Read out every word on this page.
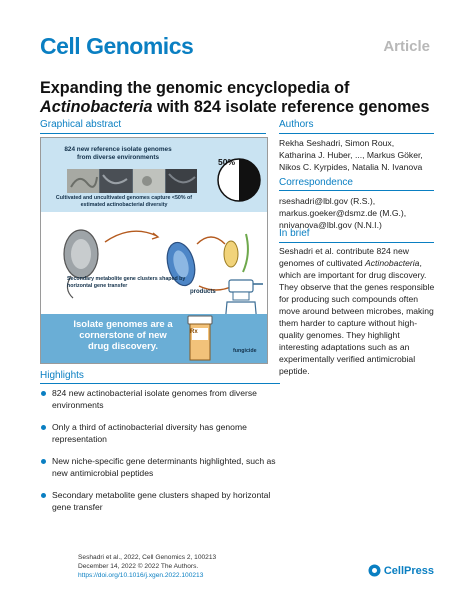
Cell Genomics	Article
Expanding the genomic encyclopedia of
Actinobacteria with 824 isolate reference genomes
Graphical abstract
824 new reference isolate genomes from diverse environments	50%
Cultivated and uncultivated genomes capture <50% of estimated actinobacterial diversity
Secondary metabolite gene clusters shaped by horizontal gene transfer
products
Isolate genomes are a cornerstone of new drug discovery.
Rx
fungicide
Authors
Rekha Seshadri, Simon Roux,
Katharina J. Huber, ..., Markus Göker,
Nikos C. Kyrpides, Natalia N. Ivanova
Correspondence
rseshadri@lbl.gov (R.S.),
markus.goeker@dsmz.de (M.G.),
nnivanova@lbl.gov (N.N.I.)
In brief
Seshadri et al. contribute 824 new genomes of cultivated Actinobacteria, which are important for drug discovery. They observe that the genes responsible for producing such compounds often move around between microbes, making them harder to capture without high-quality genomes. They highlight interesting adaptations such as an experimentally verified antimicrobial peptide.
Highlights
824 new actinobacterial isolate genomes from diverse environments
Only a third of actinobacterial diversity has genome representation
New niche-specific gene determinants highlighted, such as new antimicrobial peptides
Secondary metabolite gene clusters shaped by horizontal gene transfer
Seshadri et al., 2022, Cell Genomics 2, 100213
December 14, 2022 © 2022 The Authors.
https://doi.org/10.1016/j.xgen.2022.100213	CellPress
